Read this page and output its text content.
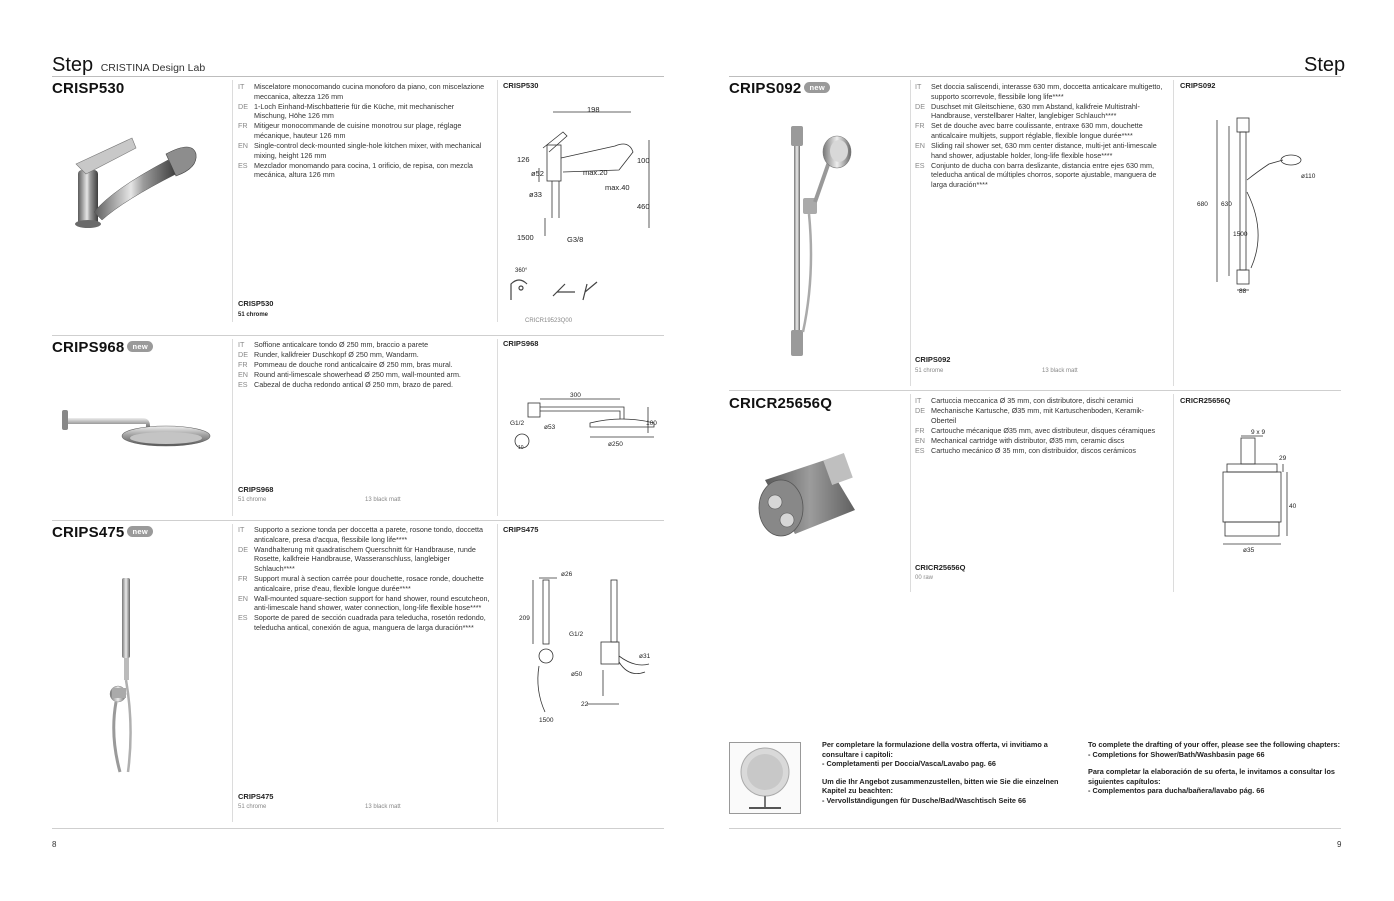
Step CRISTINA Design Lab
CRISP530	IT	Miscelatore monocomando cucina monoforo da piano, con miscelazione meccanica, altezza 126 mm
DE 1-Loch Einhand-Mischbatterie für die Küche, mit mechanischer Mischung, Höhe 126 mm
FR Mitigeur monocommande de cuisine monotrou sur plage, réglage mécanique, hauteur 126 mm
EN Single-control deck-mounted single-hole kitchen mixer, with mechanical mixing, height 126 mm
ES Mezclador monomando para cocina, 1 orificio, de repisa, con mezcla mecánica, altura 126 mm
CRISP530
198
126	100
ø52	max.20
max.40
ø33
460
1500	G3/8
360°
CRICR19523Q00
CRISP530
51 chrome
CRIPS968 new	IT	Soffione anticalcare tondo Ø 250 mm, braccio a parete
DE Runder, kalkfreier Duschkopf Ø 250 mm, Wandarm.
FR Pommeau de douche rond anticalcaire Ø 250 mm, bras mural.
EN Round anti-limescale showerhead Ø 250 mm, wall-mounted arm.
ES Cabezal de ducha redondo antical Ø 250 mm, brazo de pared.
CRIPS968
300
G1/2
ø53
100
ø250
10
CRIPS968
51 chrome	13 black matt
CRIPS475 new	IT	Supporto a sezione tonda per doccetta a parete, rosone tondo, doccetta anticalcare, presa d'acqua, flessibile long life****
DE Wandhalterung mit quadratischem Querschnitt für Handbrause, runde Rosette, kalkfreie Handbrause, Wasseranschluss, langlebiger Schlauch****
FR Support mural à section carrée pour douchette, rosace ronde, douchette anticalcaire, prise d'eau, flexible longue durée****
EN Wall-mounted square-section support for hand shower, round escutcheon, anti-limescale hand shower, water connection, long-life flexible hose****
ES Soporte de pared de sección cuadrada para teleducha, rosetón redondo, teleducha antical, conexión de agua, manguera de larga duración****
CRIPS475
ø26
209
G1/2
ø31
ø50
22
1500
CRIPS475
51 chrome	13 black matt
8
Step
CRIPS092 new	IT	Set doccia saliscendi, interasse 630 mm, doccetta anticalcare multigetto, supporto scorrevole, flessibile long life****
DE Duschset mit Gleitschiene, 630 mm Abstand, kalkfreie Multistrahl-Handbrause, verstellbarer Halter, langlebiger Schlauch****
FR Set de douche avec barre coulissante, entraxe 630 mm, douchette anticalcaire multijets, support réglable, flexible longue durée****
EN Sliding rail shower set, 630 mm center distance, multi-jet anti-limescale hand shower, adjustable holder, long-life flexible hose****
ES Conjunto de ducha con barra deslizante, distancia entre ejes 630 mm, teleducha antical de múltiples chorros, soporte ajustable, manguera de larga duración****
CRIPS092
680 630
ø110
1500
88
CRIPS092
51 chrome	13 black matt
CRICR25656Q	IT	Cartuccia meccanica Ø 35 mm, con distributore, dischi ceramici
DE Mechanische Kartusche, Ø35 mm, mit Kartuschenboden, Keramik-Oberteil
FR Cartouche mécanique Ø35 mm, avec distributeur, disques céramiques
EN Mechanical cartridge with distributor, Ø35 mm, ceramic discs
ES Cartucho mecánico Ø 35 mm, con distribuidor, discos cerámicos
CRICR25656Q
9 x 9
29
40
ø35
CRICR25656Q
00 raw

Per completare la formulazione della vostra offerta, vi invitiamo a consultare i capitoli:
- Completamenti per Doccia/Vasca/Lavabo pag. 66

Um die Ihr Angebot zusammenzustellen, bitten wie Sie die einzelnen Kapitel zu beachten:
- Vervollständigungen für Dusche/Bad/Waschtisch Seite 66

To complete the drafting of your offer, please see the following chapters:
- Completions for Shower/Bath/Washbasin page 66

Para completar la elaboración de su oferta, le invitamos a consultar los siguientes capítulos:
- Complementos para ducha/bañera/lavabo pág. 66

9
